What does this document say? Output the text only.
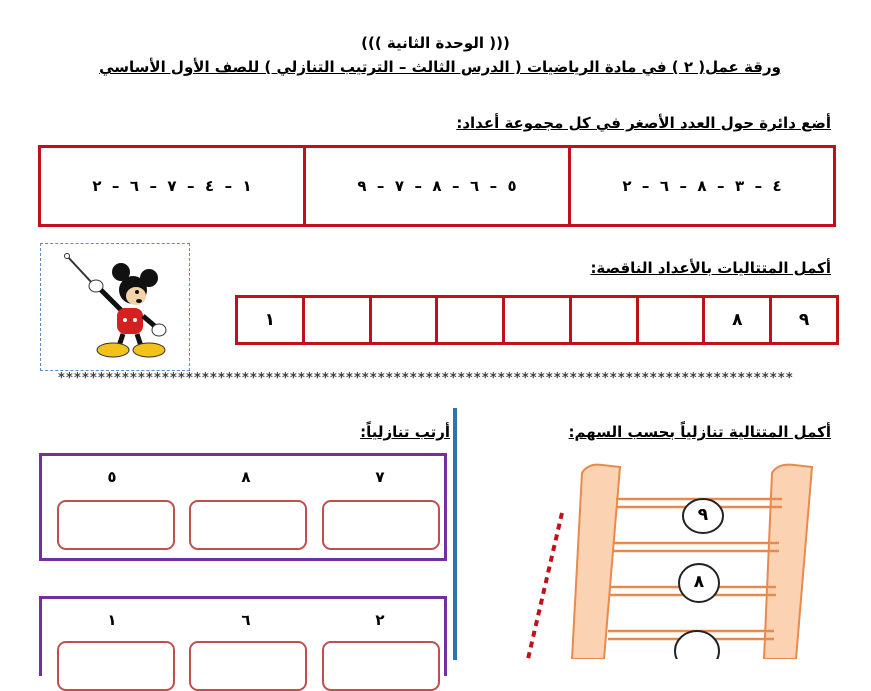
((( الوحدة الثانية )))
ورقة عمل( ٢ ) في مادة الرياضيات ( الدرس الثالث – الترتيب التنازلي ) للصف الأول الأساسي
أضع دائرة حول العدد الأصغر في كل مجموعة أعداد:
٤  –  ٣  –  ٨  –  ٦  –  ٢
٥  –  ٦  –  ٨  –  ٧  –  ٩
١  –  ٤  –  ٧  –  ٦  –  ٢
أكمل المتتاليات بالأعداد الناقصة:
٩
٨
١
********************************************************************************************
أكمل المتتالية تنازلياً بحسب السهم:
٩
٨
أرتب تنازلياً:
٧
٨
٥
٢
٦
١
